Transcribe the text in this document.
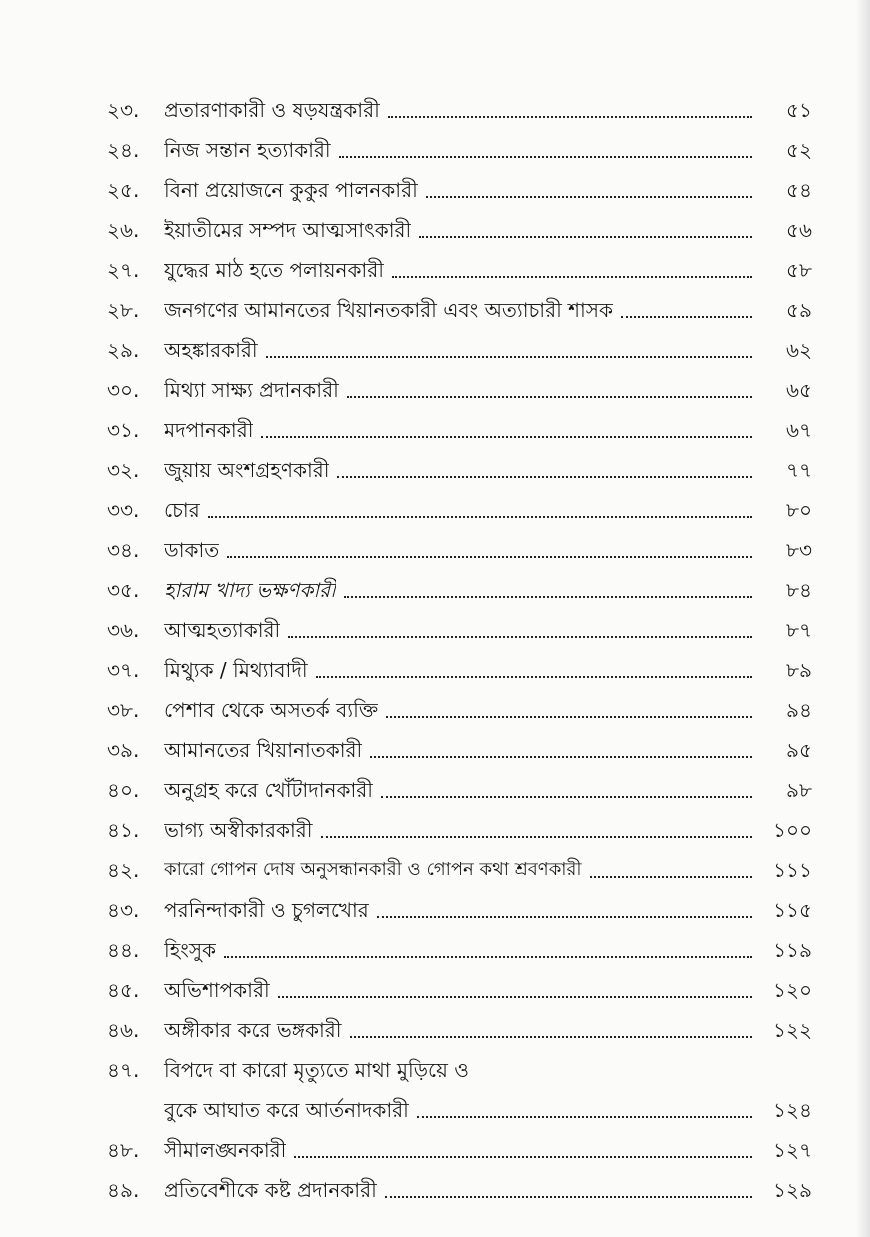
২৩.	প্রতারণাকারী ও ষড়যন্ত্রকারী	৫১
২৪.	নিজ সন্তান হত্যাকারী	৫২
২৫.	বিনা প্রয়োজনে কুকুর পালনকারী	৫৪
২৬.	ইয়াতীমের সম্পদ আত্মসাৎকারী	৫৬
২৭.	যুদ্ধের মাঠ হতে পলায়নকারী	৫৮
২৮.	জনগণের আমানতের খিয়ানতকারী এবং অত্যাচারী শাসক	৫৯
২৯.	অহঙ্কারকারী	৬২
৩০.	মিথ্যা সাক্ষ্য প্রদানকারী	৬৫
৩১.	মদপানকারী	৬৭
৩২.	জুয়ায় অংশগ্রহণকারী	৭৭
৩৩.	চোর	৮০
৩৪.	ডাকাত	৮৩
৩৫.	হারাম খাদ্য ভক্ষণকারী	৮৪
৩৬.	আত্মহত্যাকারী	৮৭
৩৭.	মিথ্যুক / মিথ্যাবাদী	৮৯
৩৮.	পেশাব থেকে অসতর্ক ব্যক্তি	৯৪
৩৯.	আমানতের খিয়ানাতকারী	৯৫
৪০.	অনুগ্রহ করে খোঁটাদানকারী	৯৮
৪১.	ভাগ্য অস্বীকারকারী	১০০
৪২.	কারো গোপন দোষ অনুসন্ধানকারী ও গোপন কথা শ্রবণকারী	১১১
৪৩.	পরনিন্দাকারী ও চুগলখোর	১১৫
৪৪.	হিংসুক	১১৯
৪৫.	অভিশাপকারী	১২০
৪৬.	অঙ্গীকার করে ভঙ্গকারী	১২২
৪৭.	বিপদে বা কারো মৃত্যুতে মাথা মুড়িয়ে ও
বুকে আঘাত করে আর্তনাদকারী	১২৪
৪৮.	সীমালঙ্ঘনকারী	১২৭
৪৯.	প্রতিবেশীকে কষ্ট প্রদানকারী	১২৯
